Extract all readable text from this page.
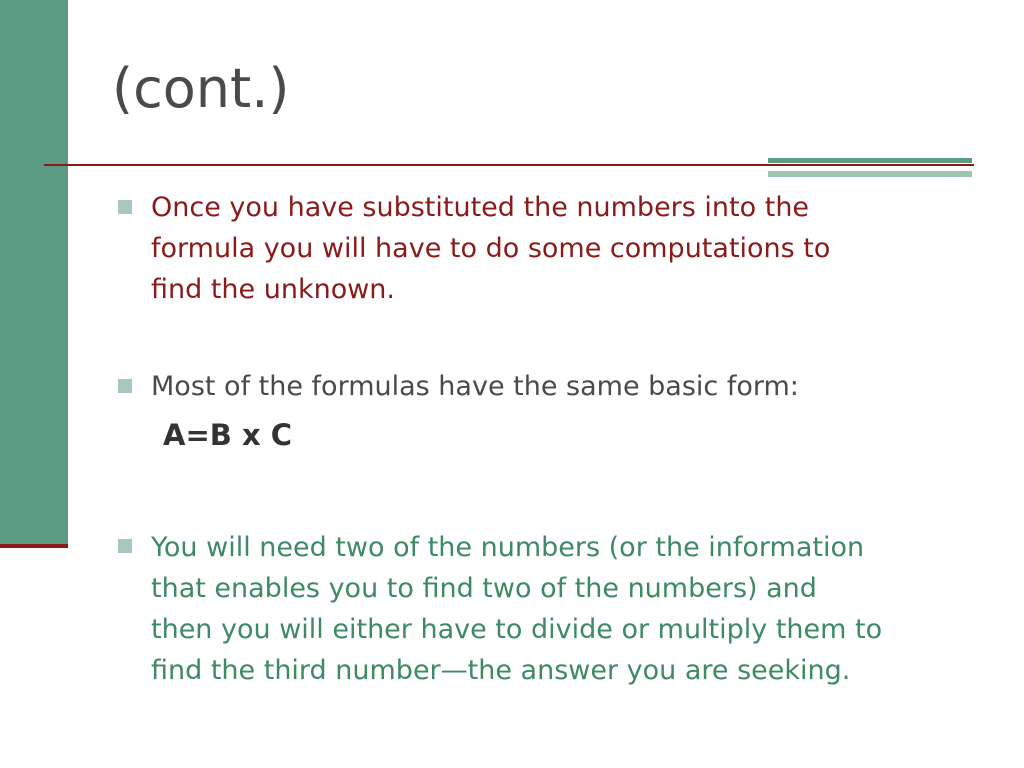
(cont.)
Once you have substituted the numbers into the
formula you will have to do some computations to
find the unknown.
Most of the formulas have the same basic form:
A=B x C
You will need two of the numbers (or the information
that enables you to find two of the numbers) and
then you will either have to divide or multiply them to
find the third number—the answer you are seeking.
